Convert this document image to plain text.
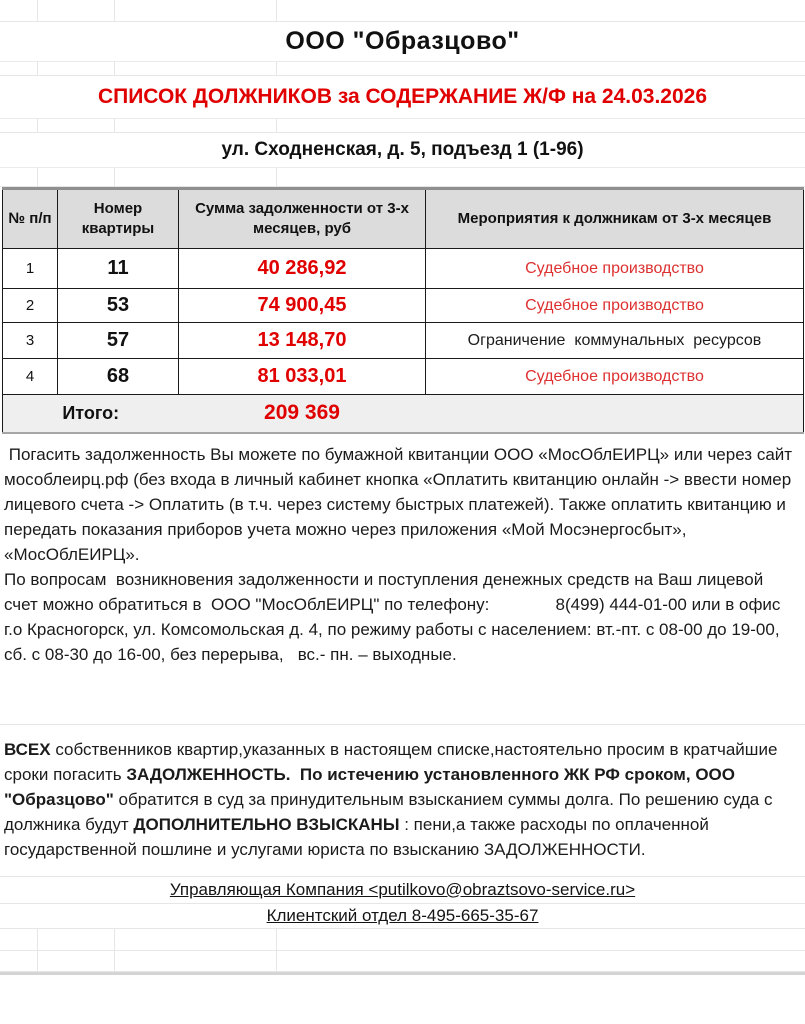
ООО "Образцово"
СПИСОК ДОЛЖНИКОВ за СОДЕРЖАНИЕ Ж/Ф на 24.03.2026
ул. Сходненская, д. 5, подъезд 1 (1-96)
№ п/п	Номер квартиры	Сумма задолженности от 3-х месяцев, руб	Мероприятия к должникам от 3-х месяцев
1	11	40 286,92	Судебное производство
2	53	74 900,45	Судебное производство
3	57	13 148,70	Ограничение  коммунальных  ресурсов
4	68	81 033,01	Судебное производство
Итого:		209 369	

Погасить задолженность Вы можете по бумажной квитанции ООО «МосОблЕИРЦ» или через сайт мособлеирц.рф (без входа в личный кабинет кнопка «Оплатить квитанцию онлайн -> ввести номер лицевого счета -> Оплатить (в т.ч. через систему быстрых платежей). Также оплатить квитанцию и передать показания приборов учета можно через приложения «Мой Мосэнергосбыт», «МосОблЕИРЦ».

По вопросам  возникновения задолженности и поступления денежных средств на Ваш лицевой счет можно обратиться в  ООО "МосОблЕИРЦ" по телефону:              8(499) 444-01-00 или в офис г.о Красногорск, ул. Комсомольская д. 4, по режиму работы с населением: вт.-пт. с 08-00 до 19-00, сб. с 08-30 до 16-00, без перерыва,   вс.- пн. – выходные.

ВСЕХ собственников квартир,указанных в настоящем списке,настоятельно просим в кратчайшие сроки погасить ЗАДОЛЖЕННОСТЬ. По истечению установленного ЖК РФ сроком, ООО "Образцово" обратится в суд за принудительным взысканием суммы долга. По решению суда с должника будут ДОПОЛНИТЕЛЬНО ВЗЫСКАНЫ : пени,а также расходы по оплаченной государственной пошлине и услугами юриста по взысканию ЗАДОЛЖЕННОСТИ.
Управляющая Компания <putilkovo@obraztsovo-service.ru>
Клиентский отдел 8-495-665-35-67
